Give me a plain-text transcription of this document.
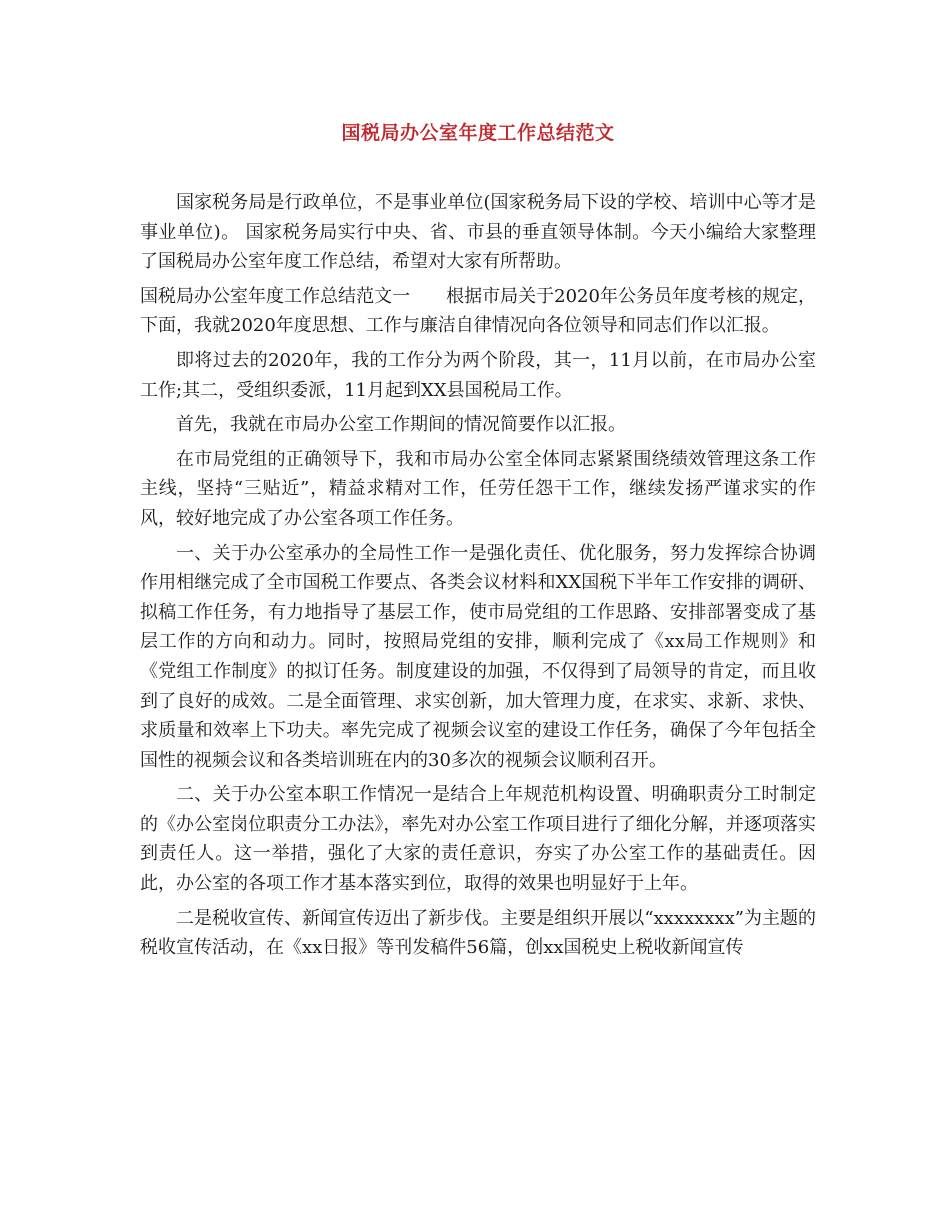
国税局办公室年度工作总结范文

国家税务局是行政单位，不是事业单位(国家税务局下设的学校、培训中心等才是事业单位)。 国家税务局实行中央、省、市县的垂直领导体制。今天小编给大家整理了国税局办公室年度工作总结，希望对大家有所帮助。

国税局办公室年度工作总结范文一 根据市局关于2020年公务员年度考核的规定，下面，我就2020年度思想、工作与廉洁自律情况向各位领导和同志们作以汇报。

即将过去的2020年，我的工作分为两个阶段，其一，11月以前，在市局办公室工作;其二，受组织委派，11月起到XX县国税局工作。

首先，我就在市局办公室工作期间的情况简要作以汇报。

在市局党组的正确领导下，我和市局办公室全体同志紧紧围绕绩效管理这条工作主线，坚持“三贴近”，精益求精对工作，任劳任怨干工作，继续发扬严谨求实的作风，较好地完成了办公室各项工作任务。

一、关于办公室承办的全局性工作一是强化责任、优化服务，努力发挥综合协调作用相继完成了全市国税工作要点、各类会议材料和XX国税下半年工作安排的调研、拟稿工作任务，有力地指导了基层工作，使市局党组的工作思路、安排部署变成了基层工作的方向和动力。同时，按照局党组的安排，顺利完成了《xx局工作规则》和《党组工作制度》的拟订任务。制度建设的加强，不仅得到了局领导的肯定，而且收到了良好的成效。二是全面管理、求实创新，加大管理力度，在求实、求新、求快、求质量和效率上下功夫。率先完成了视频会议室的建设工作任务，确保了今年包括全国性的视频会议和各类培训班在内的30多次的视频会议顺利召开。

二、关于办公室本职工作情况一是结合上年规范机构设置、明确职责分工时制定的《办公室岗位职责分工办法》，率先对办公室工作项目进行了细化分解，并逐项落实到责任人。这一举措，强化了大家的责任意识，夯实了办公室工作的基础责任。因此，办公室的各项工作才基本落实到位，取得的效果也明显好于上年。

二是税收宣传、新闻宣传迈出了新步伐。主要是组织开展以“xxxxxxxx”为主题的税收宣传活动，在《xx日报》等刊发稿件56篇，创xx国税史上税收新闻宣传
